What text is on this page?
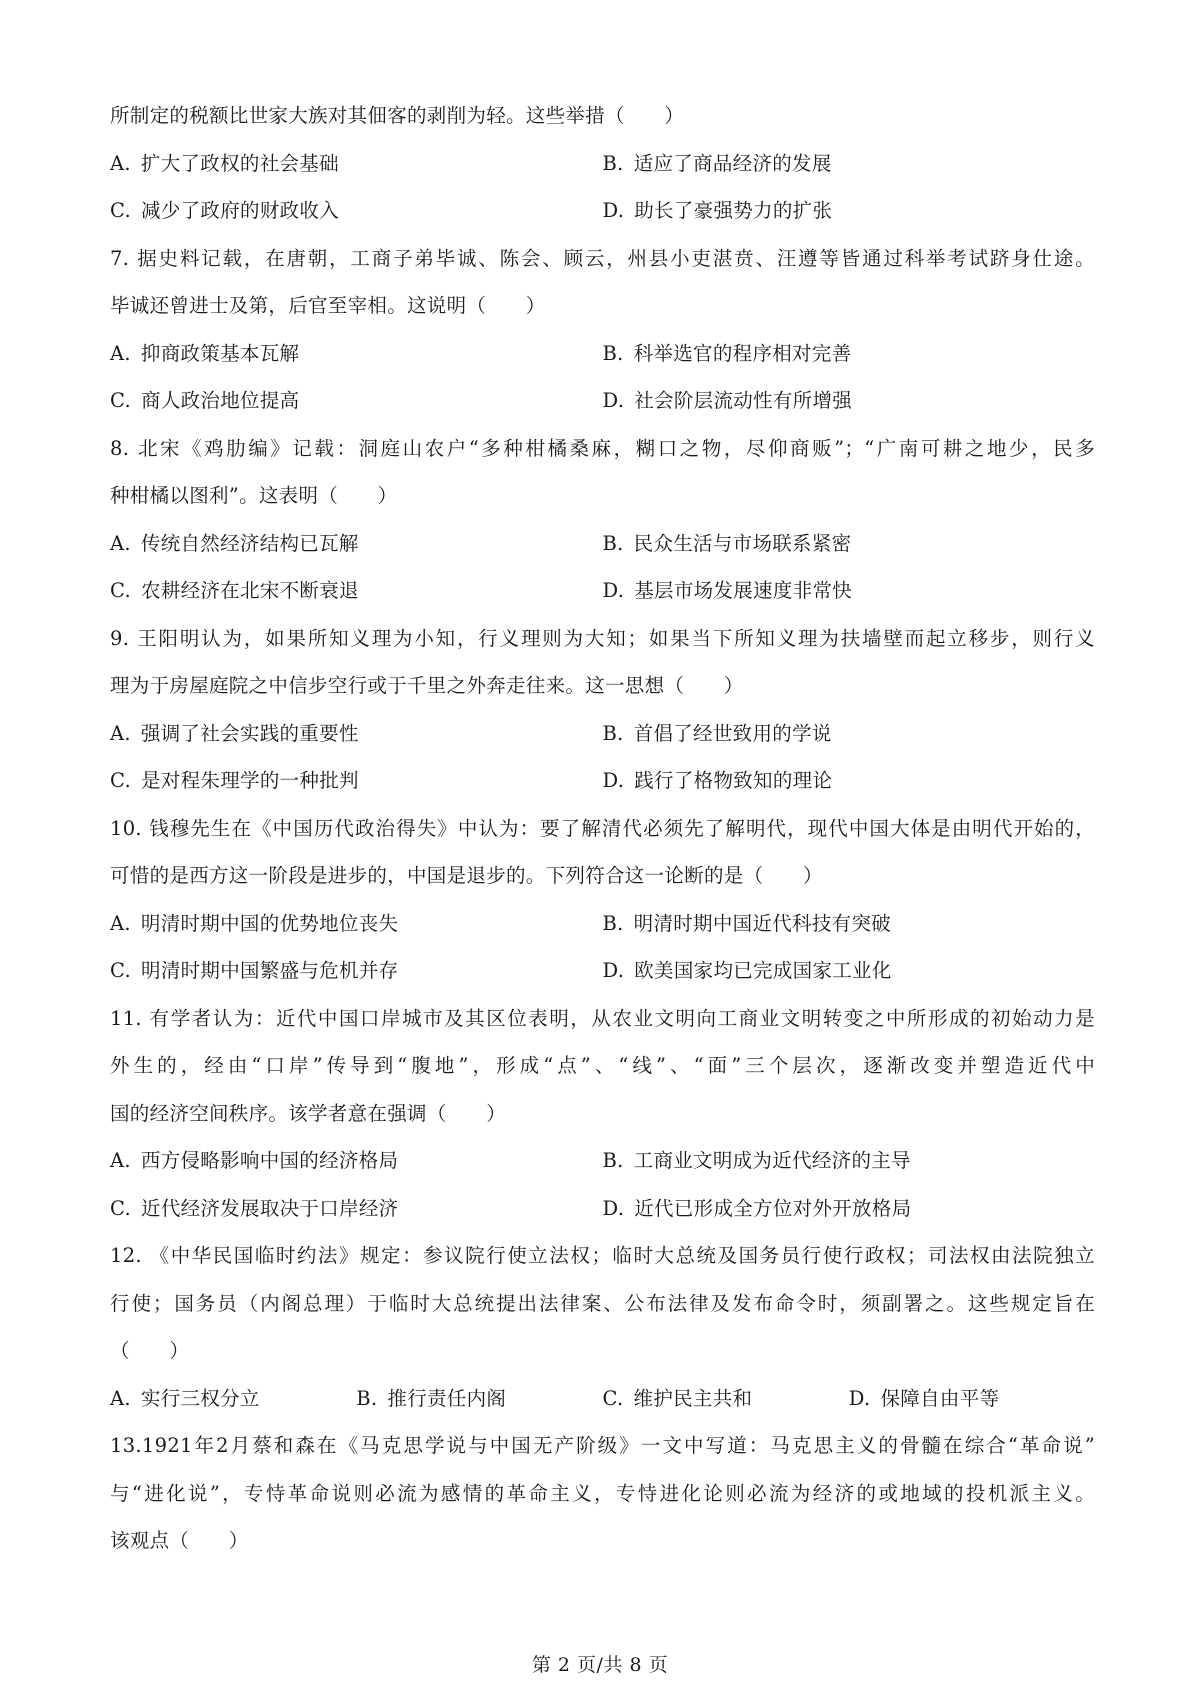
所制定的税额比世家大族对其佃客的剥削为轻。这些举措（　　）
A. 扩大了政权的社会基础	B. 适应了商品经济的发展
C. 减少了政府的财政收入	D. 助长了豪强势力的扩张
7. 据史料记载，在唐朝，工商子弟毕诚、陈会、顾云，州县小吏湛贲、汪遵等皆通过科举考试跻身仕途。
毕诚还曾进士及第，后官至宰相。这说明（　　）
A. 抑商政策基本瓦解	B. 科举选官的程序相对完善
C. 商人政治地位提高	D. 社会阶层流动性有所增强
8. 北宋《鸡肋编》记载：洞庭山农户“多种柑橘桑麻，糊口之物，尽仰商贩”；“广南可耕之地少，民多
种柑橘以图利”。这表明（　　）
A. 传统自然经济结构已瓦解	B. 民众生活与市场联系紧密
C. 农耕经济在北宋不断衰退	D. 基层市场发展速度非常快
9. 王阳明认为，如果所知义理为小知，行义理则为大知；如果当下所知义理为扶墙壁而起立移步，则行义
理为于房屋庭院之中信步空行或于千里之外奔走往来。这一思想（　　）
A. 强调了社会实践的重要性	B. 首倡了经世致用的学说
C. 是对程朱理学的一种批判	D. 践行了格物致知的理论
10. 钱穆先生在《中国历代政治得失》中认为：要了解清代必须先了解明代，现代中国大体是由明代开始的，
可惜的是西方这一阶段是进步的，中国是退步的。下列符合这一论断的是（　　）
A. 明清时期中国的优势地位丧失	B. 明清时期中国近代科技有突破
C. 明清时期中国繁盛与危机并存	D. 欧美国家均已完成国家工业化
11. 有学者认为：近代中国口岸城市及其区位表明，从农业文明向工商业文明转变之中所形成的初始动力是
外生的，经由“口岸”传导到“腹地”，形成“点”、“线”、“面”三个层次，逐渐改变并塑造近代中
国的经济空间秩序。该学者意在强调（　　）
A. 西方侵略影响中国的经济格局	B. 工商业文明成为近代经济的主导
C. 近代经济发展取决于口岸经济	D. 近代已形成全方位对外开放格局
12. 《中华民国临时约法》规定：参议院行使立法权；临时大总统及国务员行使行政权；司法权由法院独立
行使；国务员（内阁总理）于临时大总统提出法律案、公布法律及发布命令时，须副署之。这些规定旨在
（　　）
A. 实行三权分立	B. 推行责任内阁	C. 维护民主共和	D. 保障自由平等
13.1921年2月蔡和森在《马克思学说与中国无产阶级》一文中写道：马克思主义的骨髓在综合“革命说”
与“进化说”，专恃革命说则必流为感情的革命主义，专恃进化论则必流为经济的或地域的投机派主义。
该观点（　　）
第 2 页/共 8 页
